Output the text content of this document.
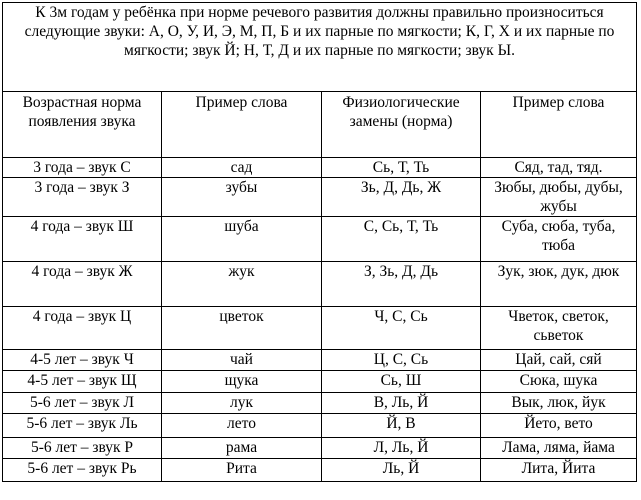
К 3м годам у ребёнка при норме речевого развития должны правильно произноситься следующие звуки: А, О, У, И, Э, М, П, Б и их парные по мягкости; К, Г, Х и их парные по мягкости; звук Й; Н, Т, Д и их парные по мягкости; звук Ы.			
Возрастная норма появления звука	Пример слова	Физиологические замены (норма)	Пример слова
3 года – звук С	сад	Сь, Т, Ть	Сяд, тад, тяд.
3 года – звук З	зубы	Зь, Д, Дь, Ж	Зюбы, дюбы, дубы, жубы
4 года – звук Ш	шуба	С, Сь, Т, Ть	Суба, сюба, туба, тюба
4 года – звук Ж	жук	З, Зь, Д, Дь	Зук, зюк, дук, дюк
4 года – звук Ц	цветок	Ч, С, Сь	Чветок, светок, сьветок
4-5 лет – звук Ч	чай	Ц, С, Сь	Цай, сай, сяй
4-5 лет – звук Щ	щука	Сь, Ш	Сюка, шука
5-6 лет – звук Л	лук	В, Ль, Й	Вык, люк, йук
5-6 лет – звук Ль	лето	Й, В	Йето, вето
5-6 лет – звук Р	рама	Л, Ль, Й	Лама, ляма, йама
5-6 лет – звук Рь	Рита	Ль, Й	Лита, Йита
